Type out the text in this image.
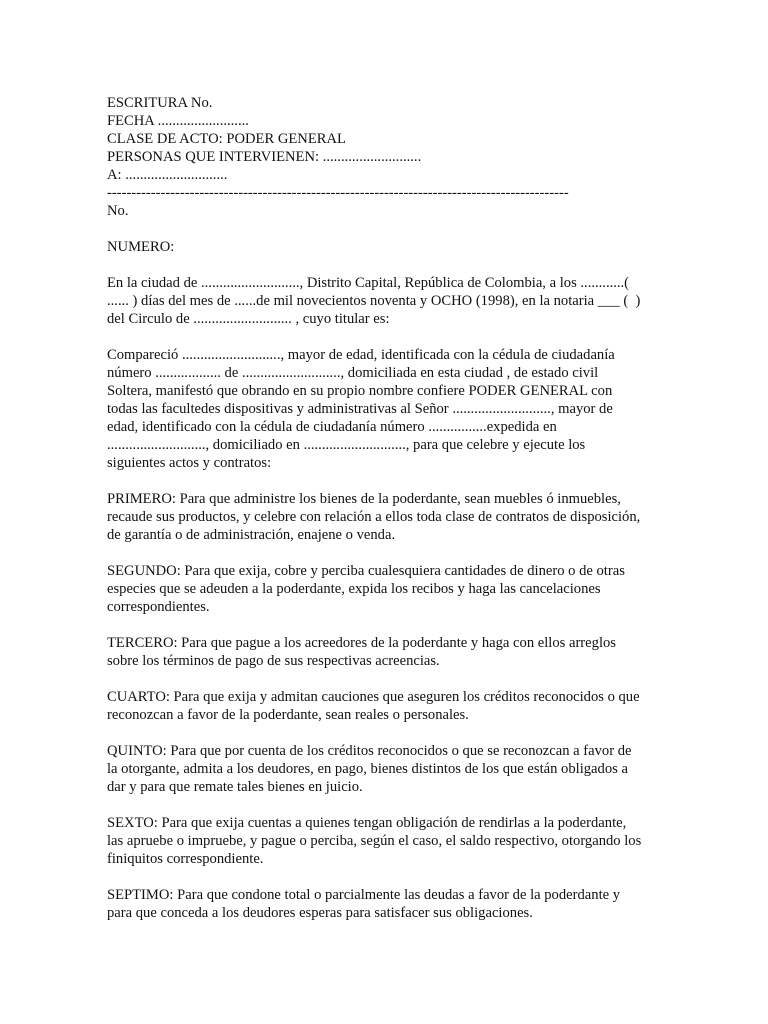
ESCRITURA No.
FECHA .........................
CLASE DE ACTO: PODER GENERAL
PERSONAS QUE INTERVIENEN: ...........................
A: ............................
-----------------------------------------------------------------------------------------------
No.
NUMERO:
En la ciudad de ..........................., Distrito Capital, República de Colombia, a los ............(
...... ) días del mes de ......de mil novecientos noventa y OCHO (1998), en la notaria ___ (  )
del Circulo de ........................... , cuyo titular es:
Compareció ..........................., mayor de edad, identificada con la cédula de ciudadanía
número .................. de ..........................., domiciliada en esta ciudad , de estado civil
Soltera, manifestó que obrando en su propio nombre confiere PODER GENERAL con
todas las facultedes dispositivas y administrativas al Señor ..........................., mayor de
edad, identificado con la cédula de ciudadanía número ................expedida en
..........................., domiciliado en ............................, para que celebre y ejecute los
siguientes actos y contratos:
PRIMERO: Para que administre los bienes de la poderdante, sean muebles ó inmuebles,
recaude sus productos, y celebre con relación a ellos toda clase de contratos de disposición,
de garantía o de administración, enajene o venda.
SEGUNDO: Para que exija, cobre y perciba cualesquiera cantidades de dinero o de otras
especies que se adeuden a la poderdante, expida los recibos y haga las cancelaciones
correspondientes.
TERCERO: Para que pague a los acreedores de la poderdante y haga con ellos arreglos
sobre los términos de pago de sus respectivas acreencias.
CUARTO: Para que exija y admitan cauciones que aseguren los créditos reconocidos o que
reconozcan a favor de la poderdante, sean reales o personales.
QUINTO: Para que por cuenta de los créditos reconocidos o que se reconozcan a favor de
la otorgante, admita a los deudores, en pago, bienes distintos de los que están obligados a
dar y para que remate tales bienes en juicio.
SEXTO: Para que exija cuentas a quienes tengan obligación de rendirlas a la poderdante,
las apruebe o impruebe, y pague o perciba, según el caso, el saldo respectivo, otorgando los
finiquitos correspondiente.
SEPTIMO: Para que condone total o parcialmente las deudas a favor de la poderdante y
para que conceda a los deudores esperas para satisfacer sus obligaciones.
